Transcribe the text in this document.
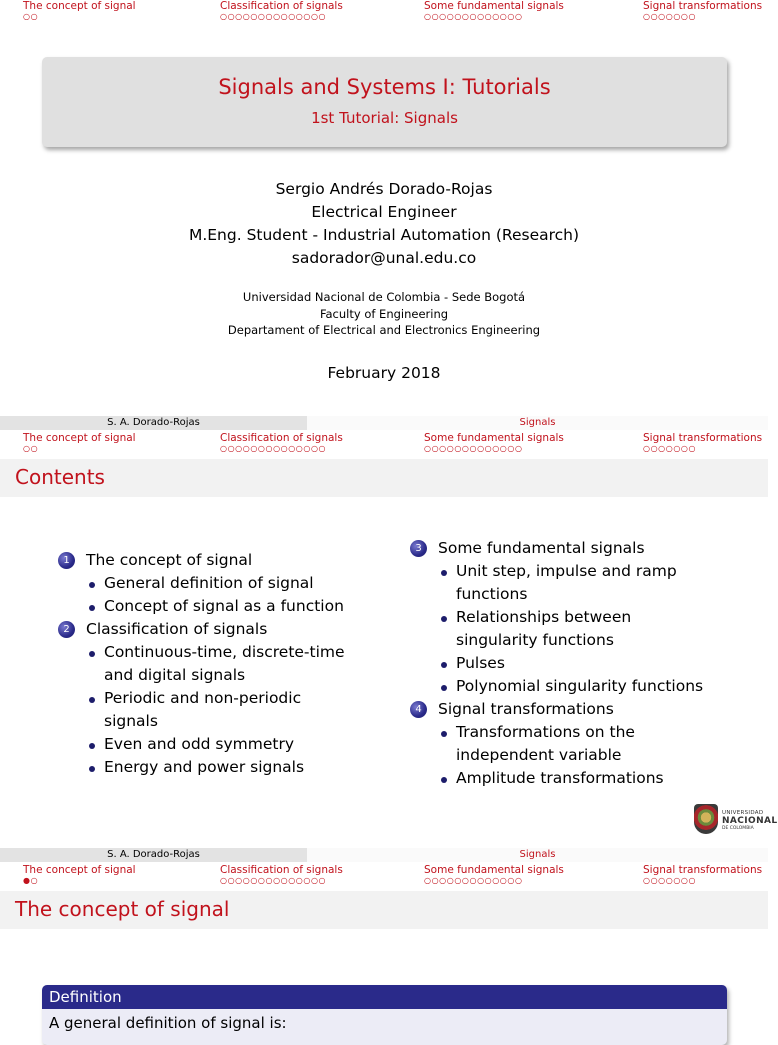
The concept of signal
○○
Classification of signals
○○○○○○○○○○○○○○
Some fundamental signals
○○○○○○○○○○○○○
Signal transformations
○○○○○○○
Signals and Systems I: Tutorials
1st Tutorial: Signals
Sergio Andrés Dorado-Rojas
Electrical Engineer
M.Eng. Student - Industrial Automation (Research)
sadorador@unal.edu.co
Universidad Nacional de Colombia - Sede Bogotá
Faculty of Engineering
Departament of Electrical and Electronics Engineering
February 2018
S. A. Dorado-Rojas	Signals
The concept of signal
○○
Classification of signals
○○○○○○○○○○○○○○
Some fundamental signals
○○○○○○○○○○○○○
Signal transformations
○○○○○○○
Contents
1	The concept of signal
General definition of signal
Concept of signal as a function
2	Classification of signals
Continuous-time, discrete-time
and digital signals
Periodic and non-periodic
signals
Even and odd symmetry
Energy and power signals
3	Some fundamental signals
Unit step, impulse and ramp
functions
Relationships between
singularity functions
Pulses
Polynomial singularity functions
4	Signal transformations
Transformations on the
independent variable
Amplitude transformations
UNIVERSIDAD
NACIONAL
DE COLOMBIA
S. A. Dorado-Rojas	Signals
The concept of signal
●○
Classification of signals
○○○○○○○○○○○○○○
Some fundamental signals
○○○○○○○○○○○○○
Signal transformations
○○○○○○○
The concept of signal
Definition
A general definition of signal is:
